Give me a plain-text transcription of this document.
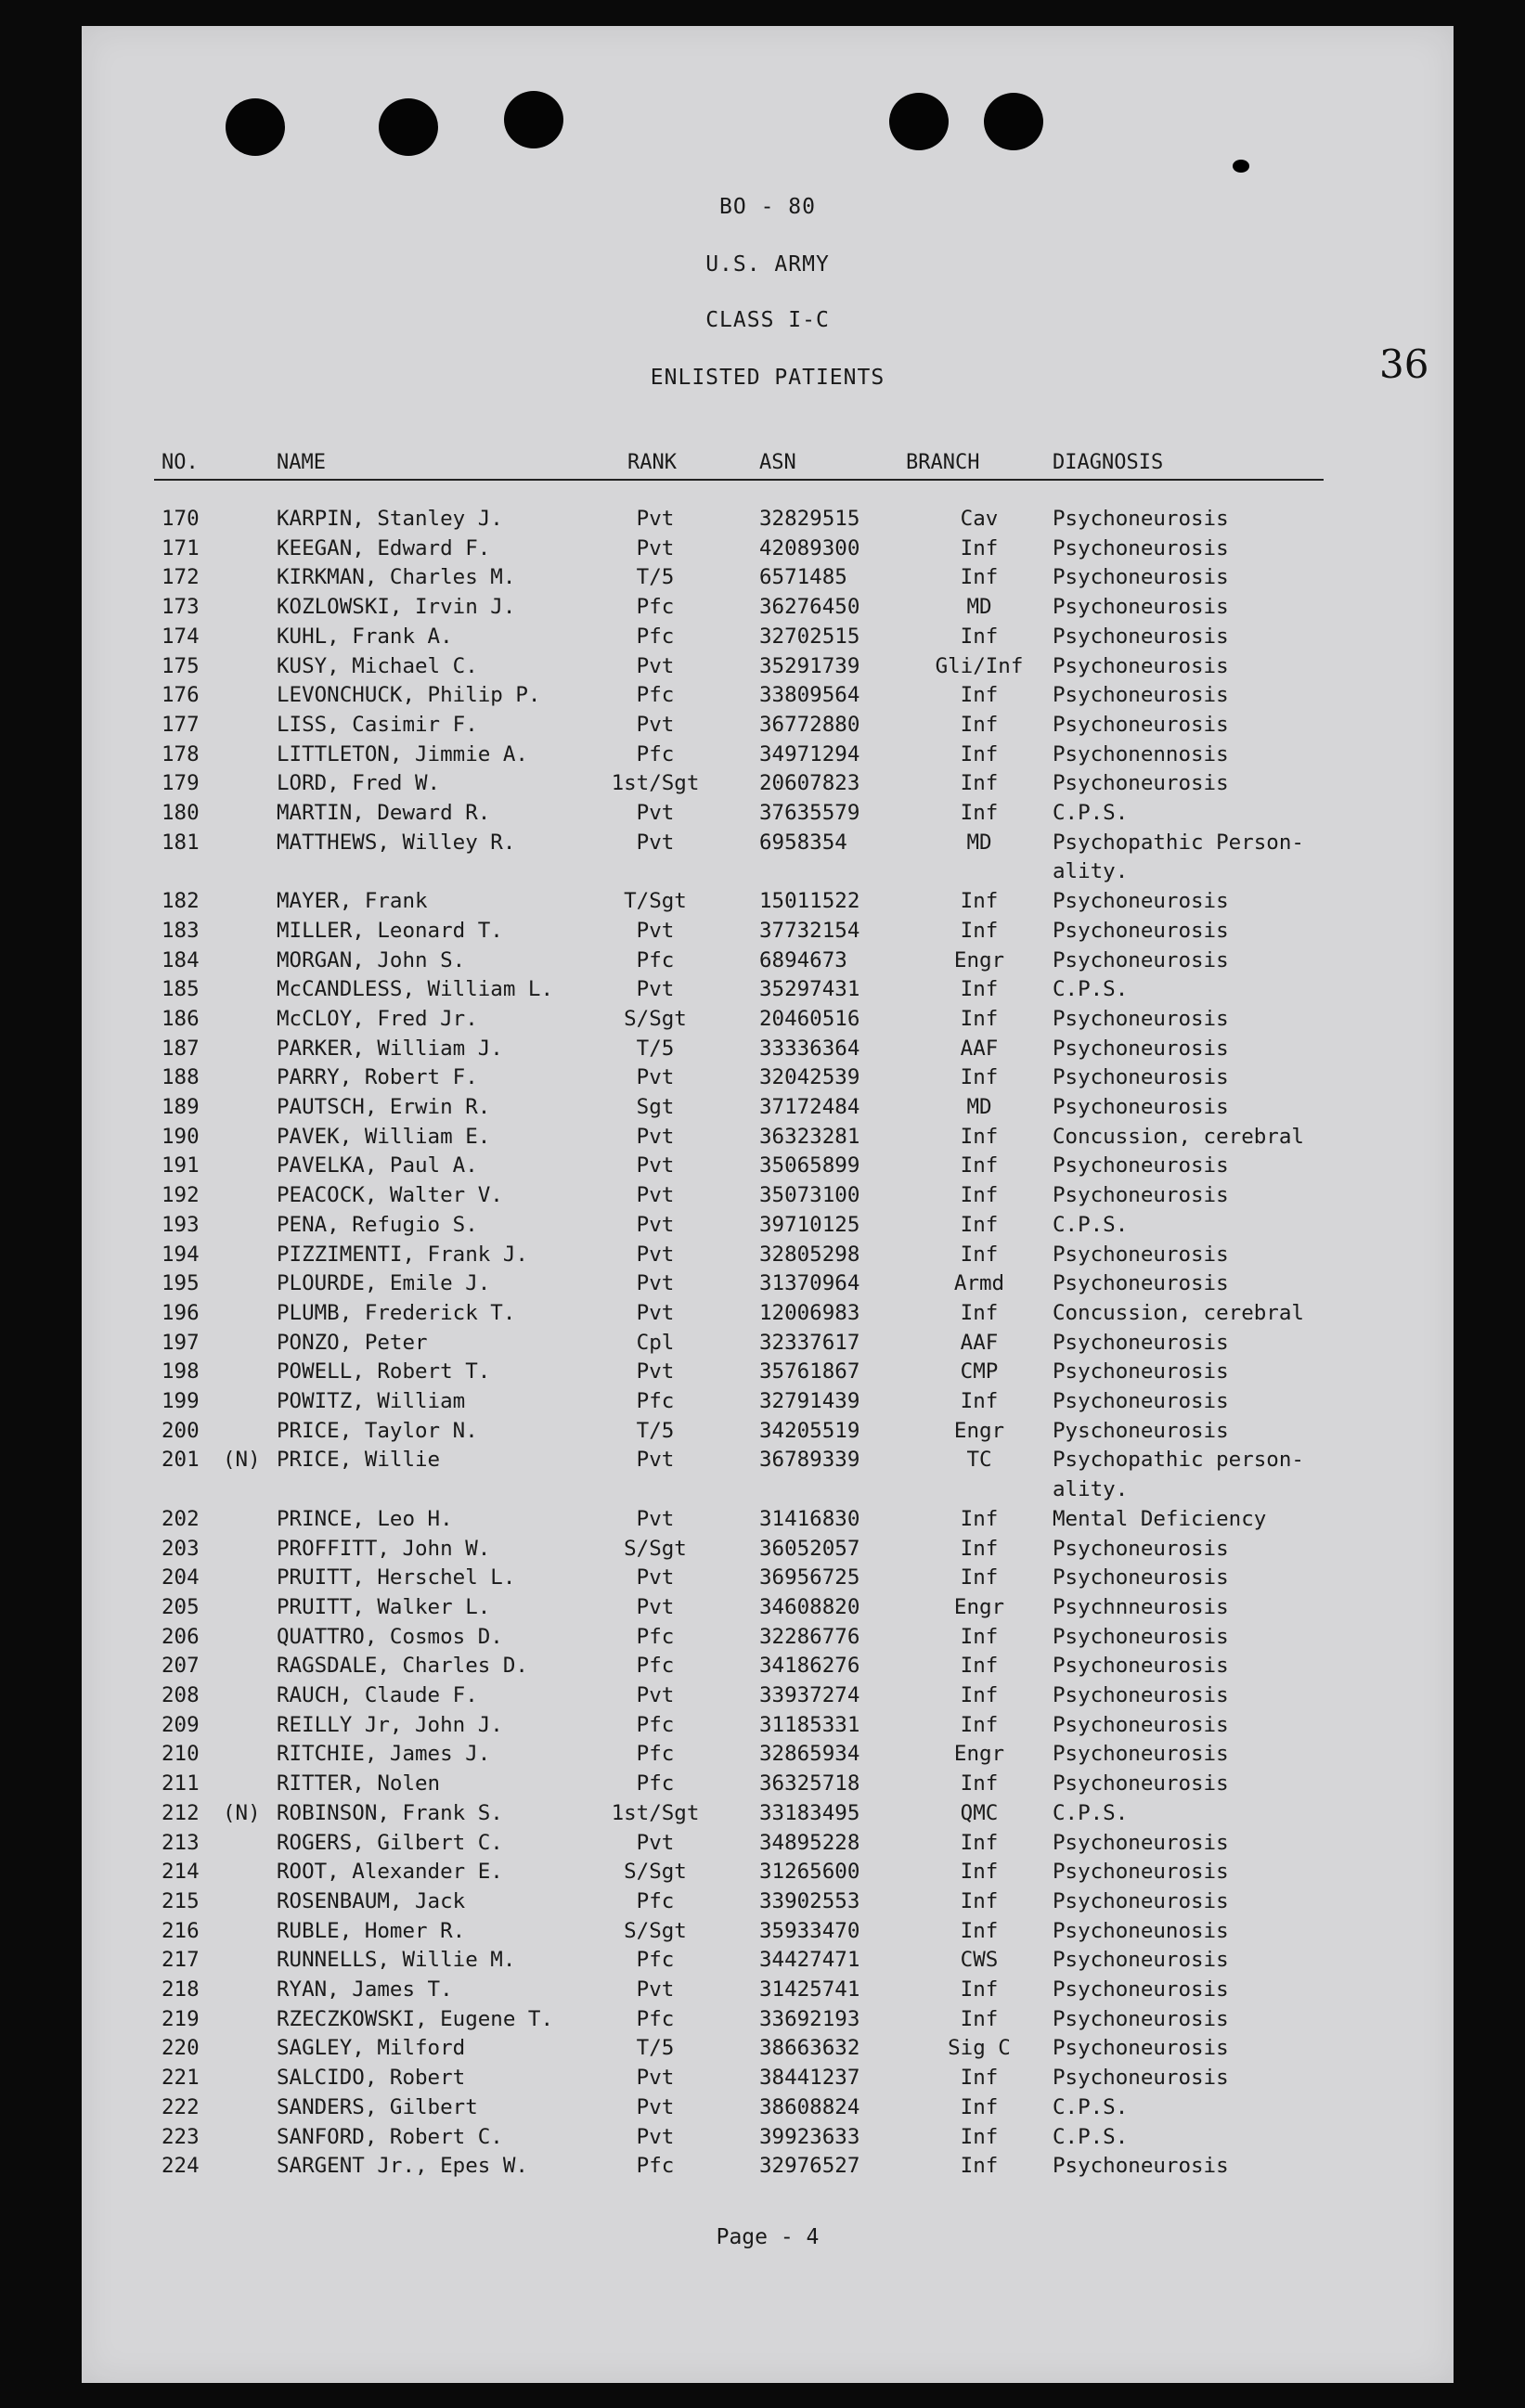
BO - 80
U.S. ARMY
CLASS I-C
ENLISTED PATIENTS	36
NO.	NAME	RANK	ASN	BRANCH	DIAGNOSIS
170	KARPIN, Stanley J.	Pvt	32829515	Cav	Psychoneurosis
171	KEEGAN, Edward F.	Pvt	42089300	Inf	Psychoneurosis
172	KIRKMAN, Charles M.	T/5	6571485	Inf	Psychoneurosis
173	KOZLOWSKI, Irvin J.	Pfc	36276450	MD	Psychoneurosis
174	KUHL, Frank A.	Pfc	32702515	Inf	Psychoneurosis
175	KUSY, Michael C.	Pvt	35291739	Gli/Inf	Psychoneurosis
176	LEVONCHUCK, Philip P.	Pfc	33809564	Inf	Psychoneurosis
177	LISS, Casimir F.	Pvt	36772880	Inf	Psychoneurosis
178	LITTLETON, Jimmie A.	Pfc	34971294	Inf	Psychonennosis
179	LORD, Fred W.	1st/Sgt	20607823	Inf	Psychoneurosis
180	MARTIN, Deward R.	Pvt	37635579	Inf	C.P.S.
181	MATTHEWS, Willey R.	Pvt	6958354	MD	Psychopathic Person-
ality.
182	MAYER, Frank	T/Sgt	15011522	Inf	Psychoneurosis
183	MILLER, Leonard T.	Pvt	37732154	Inf	Psychoneurosis
184	MORGAN, John S.	Pfc	6894673	Engr	Psychoneurosis
185	McCANDLESS, William L.	Pvt	35297431	Inf	C.P.S.
186	McCLOY, Fred Jr.	S/Sgt	20460516	Inf	Psychoneurosis
187	PARKER, William J.	T/5	33336364	AAF	Psychoneurosis
188	PARRY, Robert F.	Pvt	32042539	Inf	Psychoneurosis
189	PAUTSCH, Erwin R.	Sgt	37172484	MD	Psychoneurosis
190	PAVEK, William E.	Pvt	36323281	Inf	Concussion, cerebral
191	PAVELKA, Paul A.	Pvt	35065899	Inf	Psychoneurosis
192	PEACOCK, Walter V.	Pvt	35073100	Inf	Psychoneurosis
193	PENA, Refugio S.	Pvt	39710125	Inf	C.P.S.
194	PIZZIMENTI, Frank J.	Pvt	32805298	Inf	Psychoneurosis
195	PLOURDE, Emile J.	Pvt	31370964	Armd	Psychoneurosis
196	PLUMB, Frederick T.	Pvt	12006983	Inf	Concussion, cerebral
197	PONZO, Peter	Cpl	32337617	AAF	Psychoneurosis
198	POWELL, Robert T.	Pvt	35761867	CMP	Psychoneurosis
199	POWITZ, William	Pfc	32791439	Inf	Psychoneurosis
200	PRICE, Taylor N.	T/5	34205519	Engr	Pyschoneurosis
201 (N) PRICE, Willie	Pvt	36789339	TC	Psychopathic person-
ality.
202	PRINCE, Leo H.	Pvt	31416830	Inf	Mental Deficiency
203	PROFFITT, John W.	S/Sgt	36052057	Inf	Psychoneurosis
204	PRUITT, Herschel L.	Pvt	36956725	Inf	Psychoneurosis
205	PRUITT, Walker L.	Pvt	34608820	Engr	Psychnneurosis
206	QUATTRO, Cosmos D.	Pfc	32286776	Inf	Psychoneurosis
207	RAGSDALE, Charles D.	Pfc	34186276	Inf	Psychoneurosis
208	RAUCH, Claude F.	Pvt	33937274	Inf	Psychoneurosis
209	REILLY Jr, John J.	Pfc	31185331	Inf	Psychoneurosis
210	RITCHIE, James J.	Pfc	32865934	Engr	Psychoneurosis
211	RITTER, Nolen	Pfc	36325718	Inf	Psychoneurosis
212 (N) ROBINSON, Frank S.	1st/Sgt	33183495	QMC	C.P.S.
213	ROGERS, Gilbert C.	Pvt	34895228	Inf	Psychoneurosis
214	ROOT, Alexander E.	S/Sgt	31265600	Inf	Psychoneurosis
215	ROSENBAUM, Jack	Pfc	33902553	Inf	Psychoneurosis
216	RUBLE, Homer R.	S/Sgt	35933470	Inf	Psychoneunosis
217	RUNNELLS, Willie M.	Pfc	34427471	CWS	Psychoneurosis
218	RYAN, James T.	Pvt	31425741	Inf	Psychoneurosis
219	RZECZKOWSKI, Eugene T.	Pfc	33692193	Inf	Psychoneurosis
220	SAGLEY, Milford	T/5	38663632	Sig C	Psychoneurosis
221	SALCIDO, Robert	Pvt	38441237	Inf	Psychoneurosis
222	SANDERS, Gilbert	Pvt	38608824	Inf	C.P.S.
223	SANFORD, Robert C.	Pvt	39923633	Inf	C.P.S.
224	SARGENT Jr., Epes W.	Pfc	32976527	Inf	Psychoneurosis
Page - 4
